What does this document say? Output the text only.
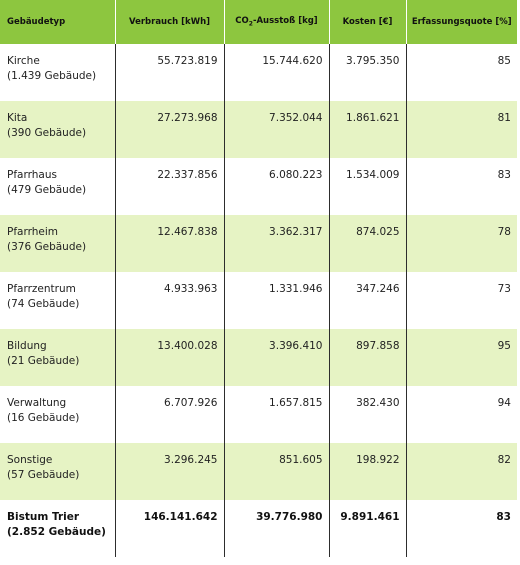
Gebäudetyp	Verbrauch [kWh]	$CO_2$-Ausstoß [kg]	Kosten [€]	Erfassungsquote [%]

Kirche
(1.439 Gebäude)	55.723.819	15.744.620	3.795.350	85

Kita
(390 Gebäude)	27.273.968	7.352.044	1.861.621	81

Pfarrhaus
(479 Gebäude)	22.337.856	6.080.223	1.534.009	83

Pfarrheim
(376 Gebäude)	12.467.838	3.362.317	874.025	78

Pfarrzentrum
(74 Gebäude)	4.933.963	1.331.946	347.246	73

Bildung
(21 Gebäude)	13.400.028	3.396.410	897.858	95

Verwaltung
(16 Gebäude)	6.707.926	1.657.815	382.430	94

Sonstige
(57 Gebäude)	3.296.245	851.605	198.922	82

Bistum Trier
(2.852 Gebäude)	146.141.642	39.776.980	9.891.461	83
